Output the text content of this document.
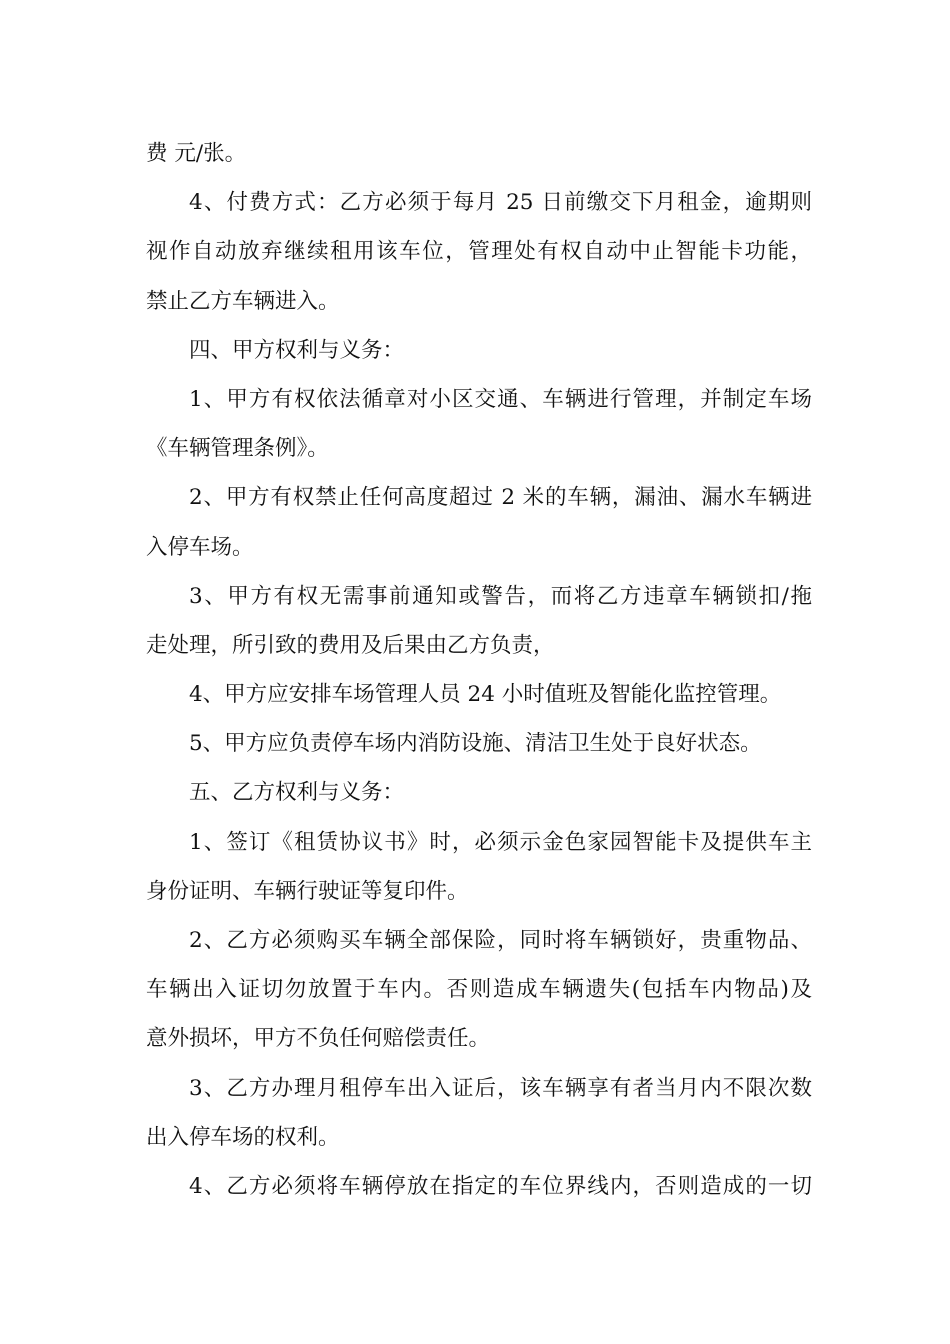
费 元/张。
4、付费方式：乙方必须于每月 25 日前缴交下月租金，逾期则
视作自动放弃继续租用该车位，管理处有权自动中止智能卡功能，
禁止乙方车辆进入。
四、甲方权利与义务：
1、甲方有权依法循章对小区交通、车辆进行管理，并制定车场
《车辆管理条例》。
2、甲方有权禁止任何高度超过 2 米的车辆，漏油、漏水车辆进
入停车场。
3、甲方有权无需事前通知或警告，而将乙方违章车辆锁扣/拖
走处理，所引致的费用及后果由乙方负责，
4、甲方应安排车场管理人员 24 小时值班及智能化监控管理。
5、甲方应负责停车场内消防设施、清洁卫生处于良好状态。
五、乙方权利与义务：
1、签订《租赁协议书》时，必须示金色家园智能卡及提供车主
身份证明、车辆行驶证等复印件。
2、乙方必须购买车辆全部保险，同时将车辆锁好，贵重物品、
车辆出入证切勿放置于车内。否则造成车辆遗失(包括车内物品)及
意外损坏，甲方不负任何赔偿责任。
3、乙方办理月租停车出入证后，该车辆享有者当月内不限次数
出入停车场的权利。
4、乙方必须将车辆停放在指定的车位界线内，否则造成的一切
